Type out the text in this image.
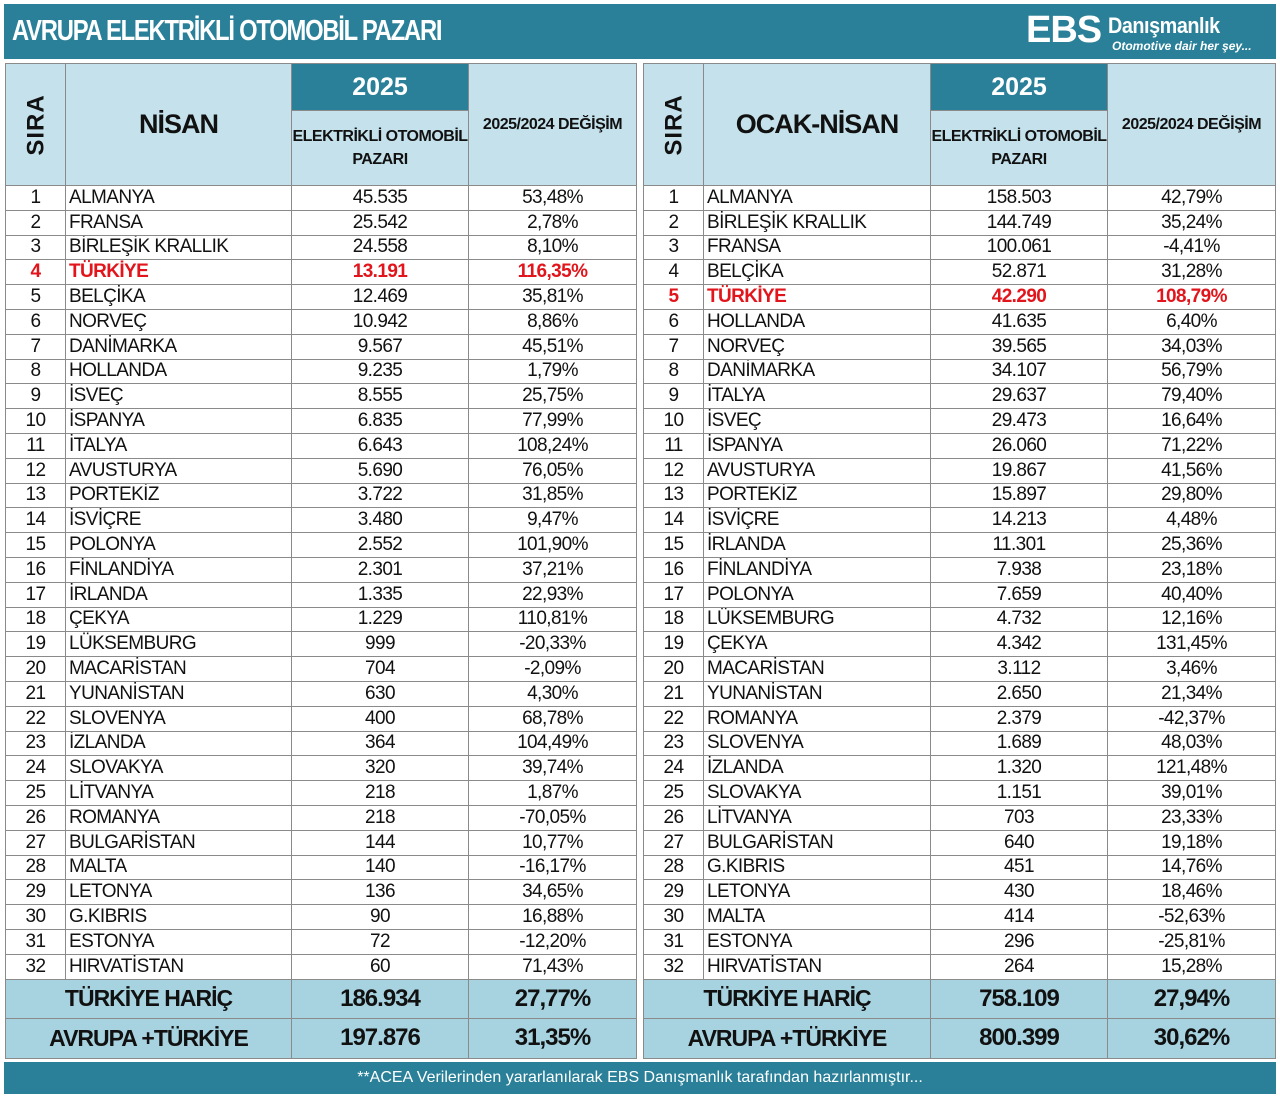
AVRUPA ELEKTRİKLİ OTOMOBİL PAZARI	EBS Danışmanlık
Otomotive dair her şey...
SIRA	NİSAN	2025	2025/2024 DEĞİŞİM
		ELEKTRİKLİ OTOMOBİL PAZARI	
1	ALMANYA	45.535	53,48%
2	FRANSA	25.542	2,78%
3	BİRLEŞİK KRALLIK	24.558	8,10%
4	TÜRKİYE	13.191	116,35%
5	BELÇİKA	12.469	35,81%
6	NORVEÇ	10.942	8,86%
7	DANİMARKA	9.567	45,51%
8	HOLLANDA	9.235	1,79%
9	İSVEÇ	8.555	25,75%
10	İSPANYA	6.835	77,99%
11	İTALYA	6.643	108,24%
12	AVUSTURYA	5.690	76,05%
13	PORTEKİZ	3.722	31,85%
14	İSVİÇRE	3.480	9,47%
15	POLONYA	2.552	101,90%
16	FİNLANDİYA	2.301	37,21%
17	İRLANDA	1.335	22,93%
18	ÇEKYA	1.229	110,81%
19	LÜKSEMBURG	999	-20,33%
20	MACARİSTAN	704	-2,09%
21	YUNANİSTAN	630	4,30%
22	SLOVENYA	400	68,78%
23	İZLANDA	364	104,49%
24	SLOVAKYA	320	39,74%
25	LİTVANYA	218	1,87%
26	ROMANYA	218	-70,05%
27	BULGARİSTAN	144	10,77%
28	MALTA	140	-16,17%
29	LETONYA	136	34,65%
30	G.KIBRIS	90	16,88%
31	ESTONYA	72	-12,20%
32	HIRVATİSTAN	60	71,43%
TÜRKİYE HARİÇ		186.934	27,77%
AVRUPA +TÜRKİYE		197.876	31,35%
SIRA	OCAK-NİSAN	2025	2025/2024 DEĞİŞİM
		ELEKTRİKLİ OTOMOBİL PAZARI	
1	ALMANYA	158.503	42,79%
2	BİRLEŞİK KRALLIK	144.749	35,24%
3	FRANSA	100.061	-4,41%
4	BELÇİKA	52.871	31,28%
5	TÜRKİYE	42.290	108,79%
6	HOLLANDA	41.635	6,40%
7	NORVEÇ	39.565	34,03%
8	DANİMARKA	34.107	56,79%
9	İTALYA	29.637	79,40%
10	İSVEÇ	29.473	16,64%
11	İSPANYA	26.060	71,22%
12	AVUSTURYA	19.867	41,56%
13	PORTEKİZ	15.897	29,80%
14	İSVİÇRE	14.213	4,48%
15	İRLANDA	11.301	25,36%
16	FİNLANDİYA	7.938	23,18%
17	POLONYA	7.659	40,40%
18	LÜKSEMBURG	4.732	12,16%
19	ÇEKYA	4.342	131,45%
20	MACARİSTAN	3.112	3,46%
21	YUNANİSTAN	2.650	21,34%
22	ROMANYA	2.379	-42,37%
23	SLOVENYA	1.689	48,03%
24	İZLANDA	1.320	121,48%
25	SLOVAKYA	1.151	39,01%
26	LİTVANYA	703	23,33%
27	BULGARİSTAN	640	19,18%
28	G.KIBRIS	451	14,76%
29	LETONYA	430	18,46%
30	MALTA	414	-52,63%
31	ESTONYA	296	-25,81%
32	HIRVATİSTAN	264	15,28%
TÜRKİYE HARİÇ		758.109	27,94%
AVRUPA +TÜRKİYE		800.399	30,62%
**ACEA Verilerinden yararlanılarak EBS Danışmanlık tarafından hazırlanmıştır...
